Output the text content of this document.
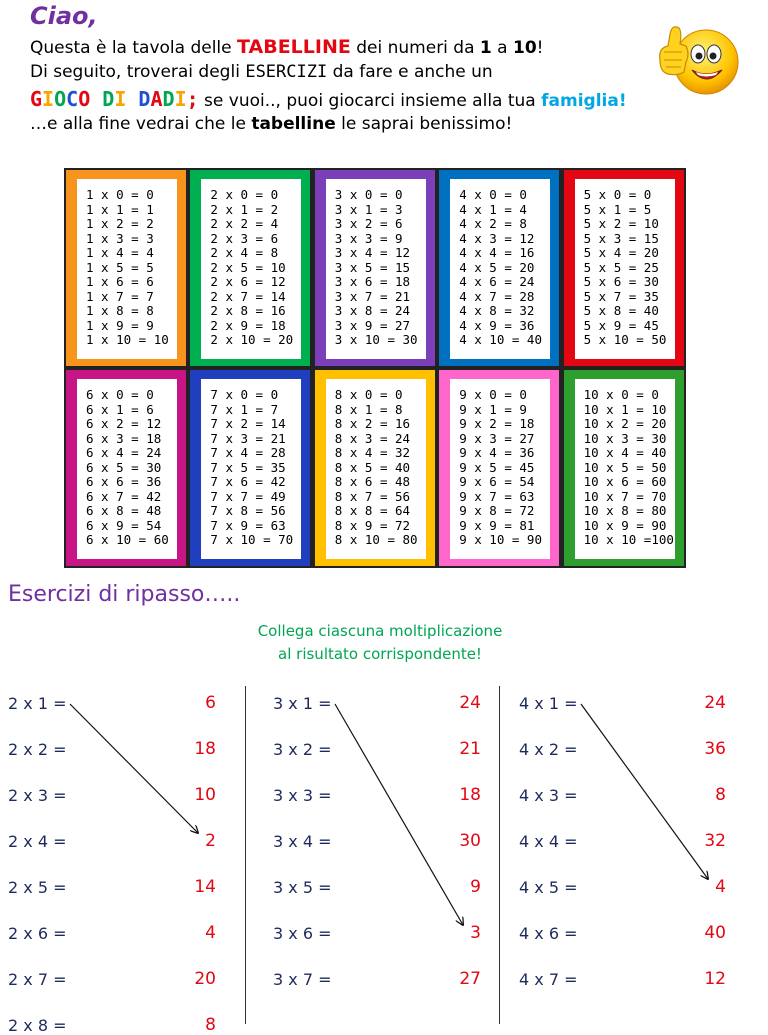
Ciao,
Questa è la tavola delle TABELLINE dei numeri da 1 a 10!
Di seguito, troverai degli ESERCIZI da fare e anche un
GIOCO DI DADI; se vuoi.., puoi giocarci insieme alla tua famiglia!
…e alla fine vedrai che le tabelline le saprai benissimo!
1 x 0 = 0
1 x 1 = 1
1 x 2 = 2
1 x 3 = 3
1 x 4 = 4
1 x 5 = 5
1 x 6 = 6
1 x 7 = 7
1 x 8 = 8
1 x 9 = 9
1 x 10 = 10
2 x 0 = 0
2 x 1 = 2
2 x 2 = 4
2 x 3 = 6
2 x 4 = 8
2 x 5 = 10
2 x 6 = 12
2 x 7 = 14
2 x 8 = 16
2 x 9 = 18
2 x 10 = 20
3 x 0 = 0
3 x 1 = 3
3 x 2 = 6
3 x 3 = 9
3 x 4 = 12
3 x 5 = 15
3 x 6 = 18
3 x 7 = 21
3 x 8 = 24
3 x 9 = 27
3 x 10 = 30
4 x 0 = 0
4 x 1 = 4
4 x 2 = 8
4 x 3 = 12
4 x 4 = 16
4 x 5 = 20
4 x 6 = 24
4 x 7 = 28
4 x 8 = 32
4 x 9 = 36
4 x 10 = 40
5 x 0 = 0
5 x 1 = 5
5 x 2 = 10
5 x 3 = 15
5 x 4 = 20
5 x 5 = 25
5 x 6 = 30
5 x 7 = 35
5 x 8 = 40
5 x 9 = 45
5 x 10 = 50
6 x 0 = 0
6 x 1 = 6
6 x 2 = 12
6 x 3 = 18
6 x 4 = 24
6 x 5 = 30
6 x 6 = 36
6 x 7 = 42
6 x 8 = 48
6 x 9 = 54
6 x 10 = 60
7 x 0 = 0
7 x 1 = 7
7 x 2 = 14
7 x 3 = 21
7 x 4 = 28
7 x 5 = 35
7 x 6 = 42
7 x 7 = 49
7 x 8 = 56
7 x 9 = 63
7 x 10 = 70
8 x 0 = 0
8 x 1 = 8
8 x 2 = 16
8 x 3 = 24
8 x 4 = 32
8 x 5 = 40
8 x 6 = 48
8 x 7 = 56
8 x 8 = 64
8 x 9 = 72
8 x 10 = 80
9 x 0 = 0
9 x 1 = 9
9 x 2 = 18
9 x 3 = 27
9 x 4 = 36
9 x 5 = 45
9 x 6 = 54
9 x 7 = 63
9 x 8 = 72
9 x 9 = 81
9 x 10 = 90
10 x 0 = 0
10 x 1 = 10
10 x 2 = 20
10 x 3 = 30
10 x 4 = 40
10 x 5 = 50
10 x 6 = 60
10 x 7 = 70
10 x 8 = 80
10 x 9 = 90
10 x 10 =100
Esercizi di ripasso…..
Collega ciascuna moltiplicazione
al risultato corrispondente!
2 x 1 =
2 x 2 =
2 x 3 =
2 x 4 =
2 x 5 =
2 x 6 =
2 x 7 =
2 x 8 =
6
18
10
2
14
4
20
8
3 x 1 =
3 x 2 =
3 x 3 =
3 x 4 =
3 x 5 =
3 x 6 =
3 x 7 =
24
21
18
30
9
3
27
4 x 1 =
4 x 2 =
4 x 3 =
4 x 4 =
4 x 5 =
4 x 6 =
4 x 7 =
24
36
8
32
4
40
12
